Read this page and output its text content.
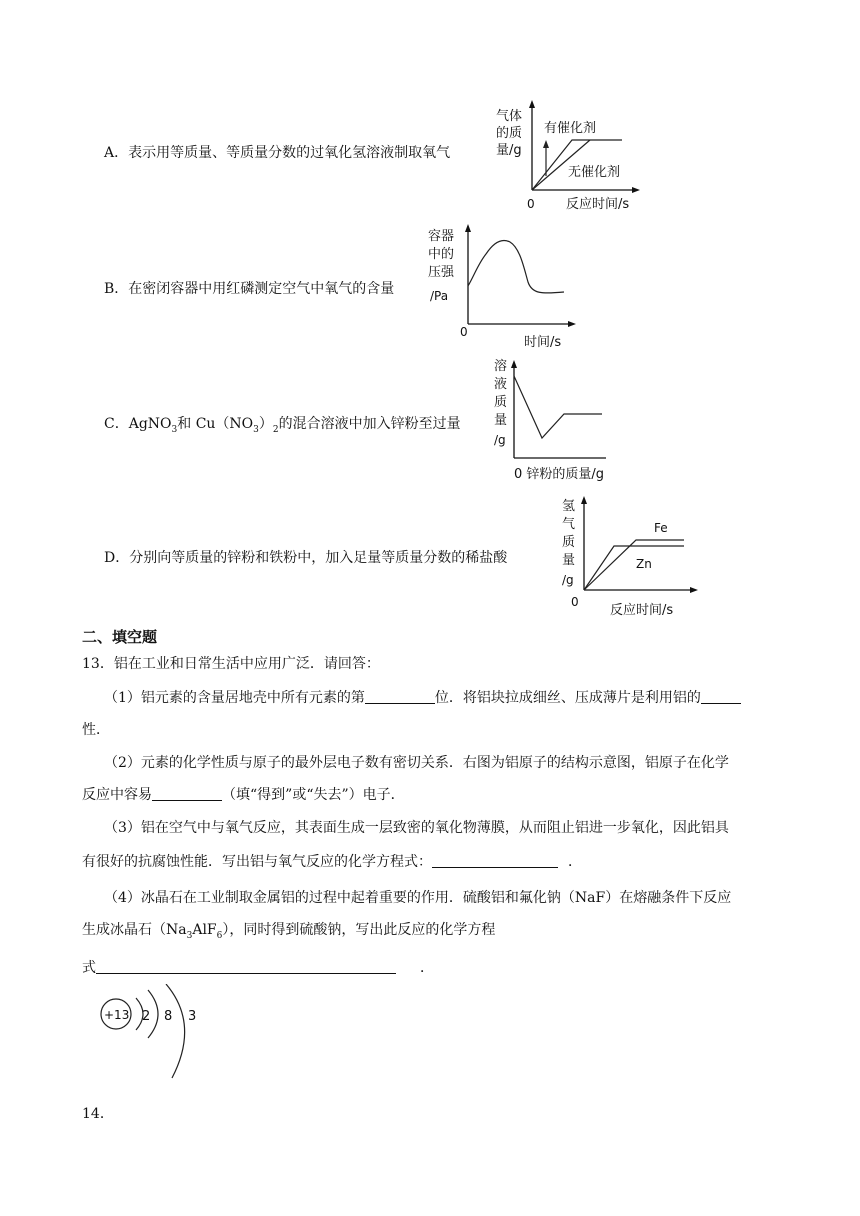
A．表示用等质量、等质量分数的过氧化氢溶液制取氧气
气体
的质
量/g
有催化剂
无催化剂
0 反应时间/s
B．在密闭容器中用红磷测定空气中氧气的含量
容器
中的
压强
/Pa
0
时间/s
C．AgNO$_3$和 $Cu(NO_3)_2$的混合溶液中加入锌粉至过量
溶
液
质
量
/g
0 锌粉的质量/g
D．分别向等质量的锌粉和铁粉中，加入足量等质量分数的稀盐酸
氢
气
质
量
/g
Fe
Zn
0
反应时间/s
二、填空题
13．铝在工业和日常生活中应用广泛．请回答：
（1）铝元素的含量居地壳中所有元素的第	位．将铝块拉成细丝、压成薄片是利用铝的
性．
（2）元素的化学性质与原子的最外层电子数有密切关系．右图为铝原子的结构示意图，铝原子在化学
反应中容易	（填“得到”或“失去”）电子．
（3）铝在空气中与氧气反应，其表面生成一层致密的氧化物薄膜，从而阻止铝进一步氧化，因此铝具
有很好的抗腐蚀性能．写出铝与氧气反应的化学方程式：	．
（4）冰晶石在工业制取金属铝的过程中起着重要的作用．硫酸铝和氟化钠（NaF）在熔融条件下反应
生成冰晶石$(Na_3AlF_6)$，同时得到硫酸钠，写出此反应的化学方程
式	．
+13 2 8 3
14．
